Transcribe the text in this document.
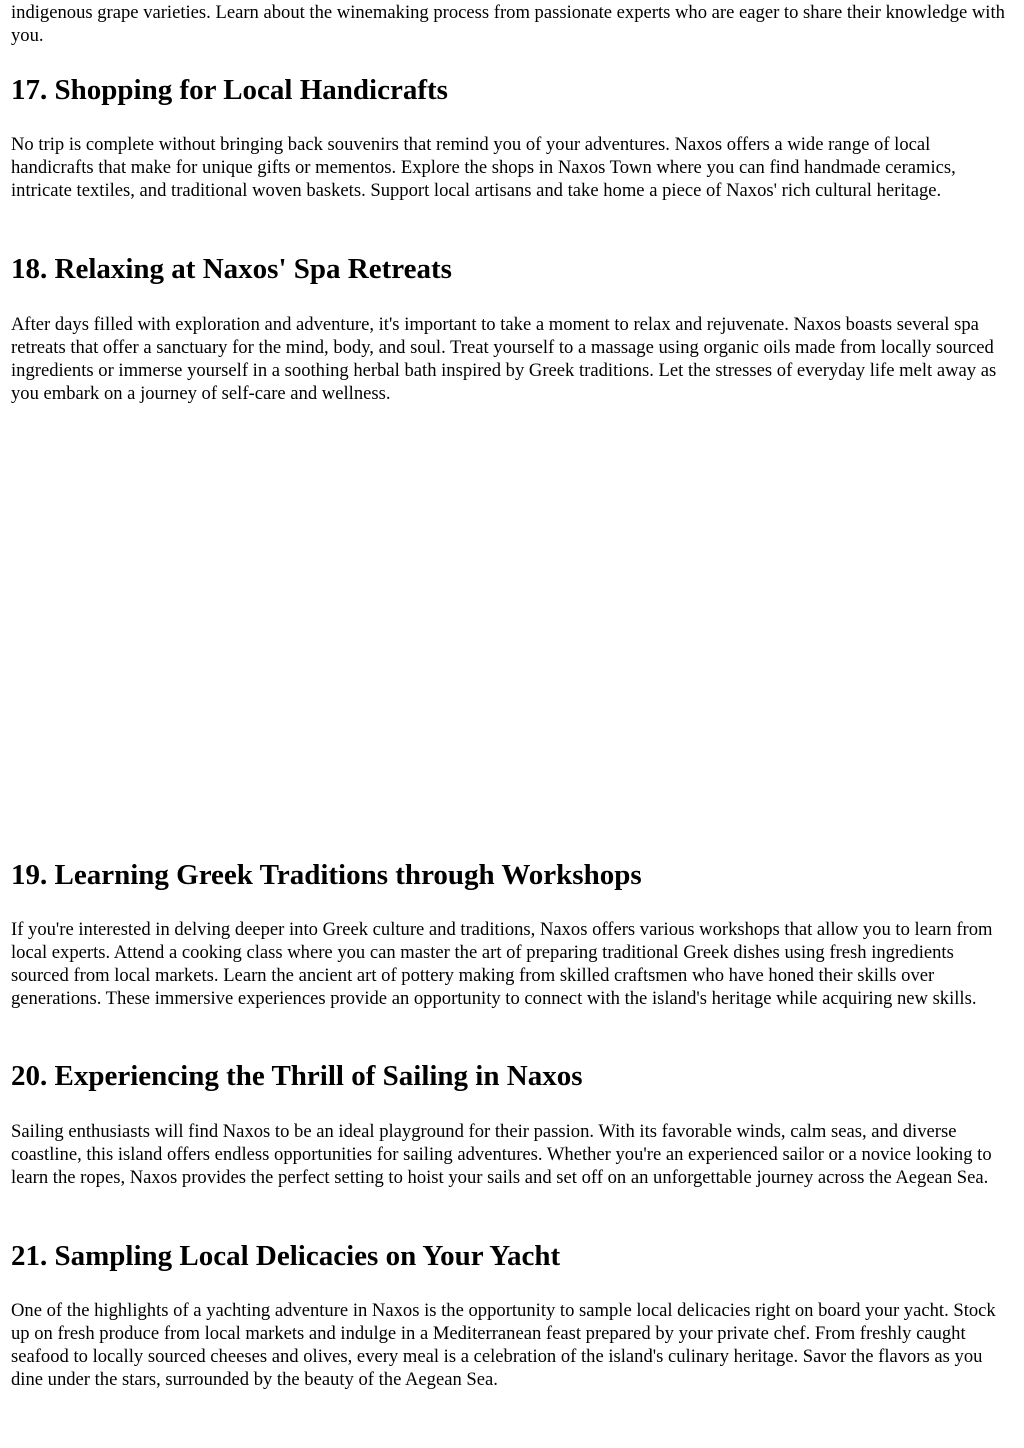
indigenous grape varieties. Learn about the winemaking process from passionate experts who are eager to share their knowledge with you.

17. Shopping for Local Handicrafts

No trip is complete without bringing back souvenirs that remind you of your adventures. Naxos offers a wide range of local handicrafts that make for unique gifts or mementos. Explore the shops in Naxos Town where you can find handmade ceramics, intricate textiles, and traditional woven baskets. Support local artisans and take home a piece of Naxos' rich cultural heritage.

18. Relaxing at Naxos' Spa Retreats

After days filled with exploration and adventure, it's important to take a moment to relax and rejuvenate. Naxos boasts several spa retreats that offer a sanctuary for the mind, body, and soul. Treat yourself to a massage using organic oils made from locally sourced ingredients or immerse yourself in a soothing herbal bath inspired by Greek traditions. Let the stresses of everyday life melt away as you embark on a journey of self-care and wellness.

19. Learning Greek Traditions through Workshops

If you're interested in delving deeper into Greek culture and traditions, Naxos offers various workshops that allow you to learn from local experts. Attend a cooking class where you can master the art of preparing traditional Greek dishes using fresh ingredients sourced from local markets. Learn the ancient art of pottery making from skilled craftsmen who have honed their skills over generations. These immersive experiences provide an opportunity to connect with the island's heritage while acquiring new skills.

20. Experiencing the Thrill of Sailing in Naxos

Sailing enthusiasts will find Naxos to be an ideal playground for their passion. With its favorable winds, calm seas, and diverse coastline, this island offers endless opportunities for sailing adventures. Whether you're an experienced sailor or a novice looking to learn the ropes, Naxos provides the perfect setting to hoist your sails and set off on an unforgettable journey across the Aegean Sea.

21. Sampling Local Delicacies on Your Yacht

One of the highlights of a yachting adventure in Naxos is the opportunity to sample local delicacies right on board your yacht. Stock up on fresh produce from local markets and indulge in a Mediterranean feast prepared by your private chef. From freshly caught seafood to locally sourced cheeses and olives, every meal is a celebration of the island's culinary heritage. Savor the flavors as you dine under the stars, surrounded by the beauty of the Aegean Sea.
